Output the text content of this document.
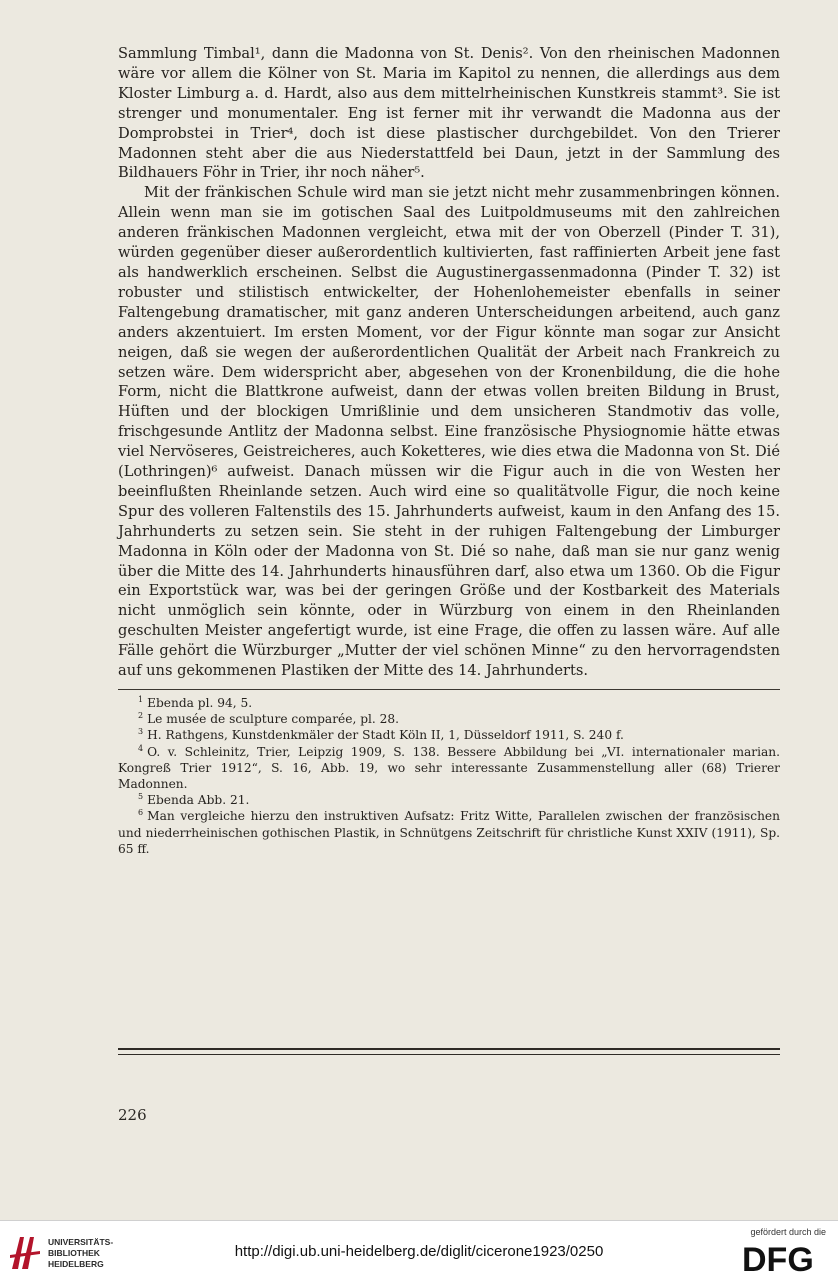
Sammlung Timbal¹, dann die Madonna von St. Denis². Von den rheinischen Madonnen wäre vor allem die Kölner von St. Maria im Kapitol zu nennen, die allerdings aus dem Kloster Limburg a. d. Hardt, also aus dem mittelrheinischen Kunstkreis stammt³. Sie ist strenger und monumentaler. Eng ist ferner mit ihr verwandt die Madonna aus der Domprobstei in Trier⁴, doch ist diese plastischer durchgebildet. Von den Trierer Madonnen steht aber die aus Niederstattfeld bei Daun, jetzt in der Sammlung des Bildhauers Föhr in Trier, ihr noch näher⁵.

Mit der fränkischen Schule wird man sie jetzt nicht mehr zusammenbringen können. Allein wenn man sie im gotischen Saal des Luitpoldmuseums mit den zahlreichen anderen fränkischen Madonnen vergleicht, etwa mit der von Oberzell (Pinder T. 31), würden gegenüber dieser außerordentlich kultivierten, fast raffinierten Arbeit jene fast als handwerklich erscheinen. Selbst die Augustinergassenmadonna (Pinder T. 32) ist robuster und stilistisch entwickelter, der Hohenlohemeister ebenfalls in seiner Faltengebung dramatischer, mit ganz anderen Unterscheidungen arbeitend, auch ganz anders akzentuiert. Im ersten Moment, vor der Figur könnte man sogar zur Ansicht neigen, daß sie wegen der außerordentlichen Qualität der Arbeit nach Frankreich zu setzen wäre. Dem widerspricht aber, abgesehen von der Kronenbildung, die die hohe Form, nicht die Blattkrone aufweist, dann der etwas vollen breiten Bildung in Brust, Hüften und der blockigen Umrißlinie und dem unsicheren Standmotiv das volle, frischgesunde Antlitz der Madonna selbst. Eine französische Physiognomie hätte etwas viel Nervöseres, Geistreicheres, auch Koketteres, wie dies etwa die Madonna von St. Dié (Lothringen)⁶ aufweist. Danach müssen wir die Figur auch in die von Westen her beeinflußten Rheinlande setzen. Auch wird eine so qualitätvolle Figur, die noch keine Spur des volleren Faltenstils des 15. Jahrhunderts aufweist, kaum in den Anfang des 15. Jahrhunderts zu setzen sein. Sie steht in der ruhigen Faltengebung der Limburger Madonna in Köln oder der Madonna von St. Dié so nahe, daß man sie nur ganz wenig über die Mitte des 14. Jahrhunderts hinausführen darf, also etwa um 1360. Ob die Figur ein Exportstück war, was bei der geringen Größe und der Kostbarkeit des Materials nicht unmöglich sein könnte, oder in Würzburg von einem in den Rheinlanden geschulten Meister angefertigt wurde, ist eine Frage, die offen zu lassen wäre. Auf alle Fälle gehört die Würzburger „Mutter der viel schönen Minne“ zu den hervorragendsten auf uns gekommenen Plastiken der Mitte des 14. Jahrhunderts.

$^1$ Ebenda pl. 94, 5.

$^2$ Le musée de sculpture comparée, pl. 28.

$^3$ H. Rathgens, Kunstdenkmäler der Stadt Köln II, 1, Düsseldorf 1911, S. 240 f.

$^4$ O. v. Schleinitz, Trier, Leipzig 1909, S. 138. Bessere Abbildung bei „VI. internationaler marian. Kongreß Trier 1912“, S. 16, Abb. 19, wo sehr interessante Zusammenstellung aller (68) Trierer Madonnen.

$^5$ Ebenda Abb. 21.

$^6$ Man vergleiche hierzu den instruktiven Aufsatz: Fritz Witte, Parallelen zwischen der französischen und niederrheinischen gothischen Plastik, in Schnütgens Zeitschrift für christliche Kunst XXIV (1911), Sp. 65 ff.

226
UNIVERSITÄTS-
BIBLIOTHEK
HEIDELBERG
http://digi.ub.uni-heidelberg.de/diglit/cicerone1923/0250
gefördert durch die
DFG
